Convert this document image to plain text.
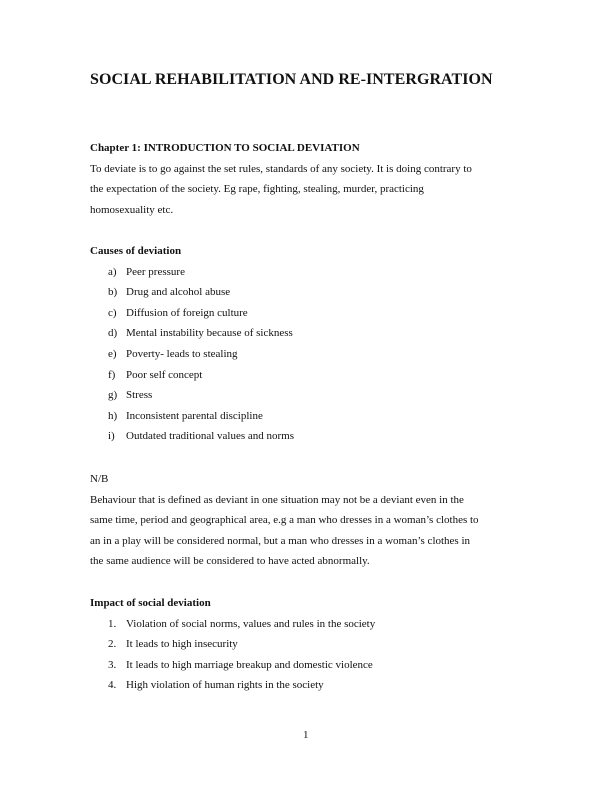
SOCIAL REHABILITATION AND RE-INTERGRATION
Chapter 1: INTRODUCTION TO SOCIAL DEVIATION
To deviate is to go against the set rules, standards of any society. It is doing contrary to
the expectation of the society. Eg rape, fighting, stealing, murder, practicing
homosexuality etc.
Causes of deviation
a) Peer pressure
b) Drug and alcohol abuse
c) Diffusion of foreign culture
d) Mental instability because of sickness
e) Poverty- leads to stealing
f) Poor self concept
g) Stress
h) Inconsistent parental discipline
i) Outdated traditional values and norms
N/B
Behaviour that is defined as deviant in one situation may not be a deviant even in the
same time, period and geographical area, e.g a man who dresses in a woman’s clothes to
an in a play will be considered normal, but a man who dresses in a woman’s clothes in
the same audience will be considered to have acted abnormally.
Impact of social deviation
1. Violation of social norms, values and rules in the society
2. It leads to high insecurity
3. It leads to high marriage breakup and domestic violence
4. High violation of human rights in the society
1
